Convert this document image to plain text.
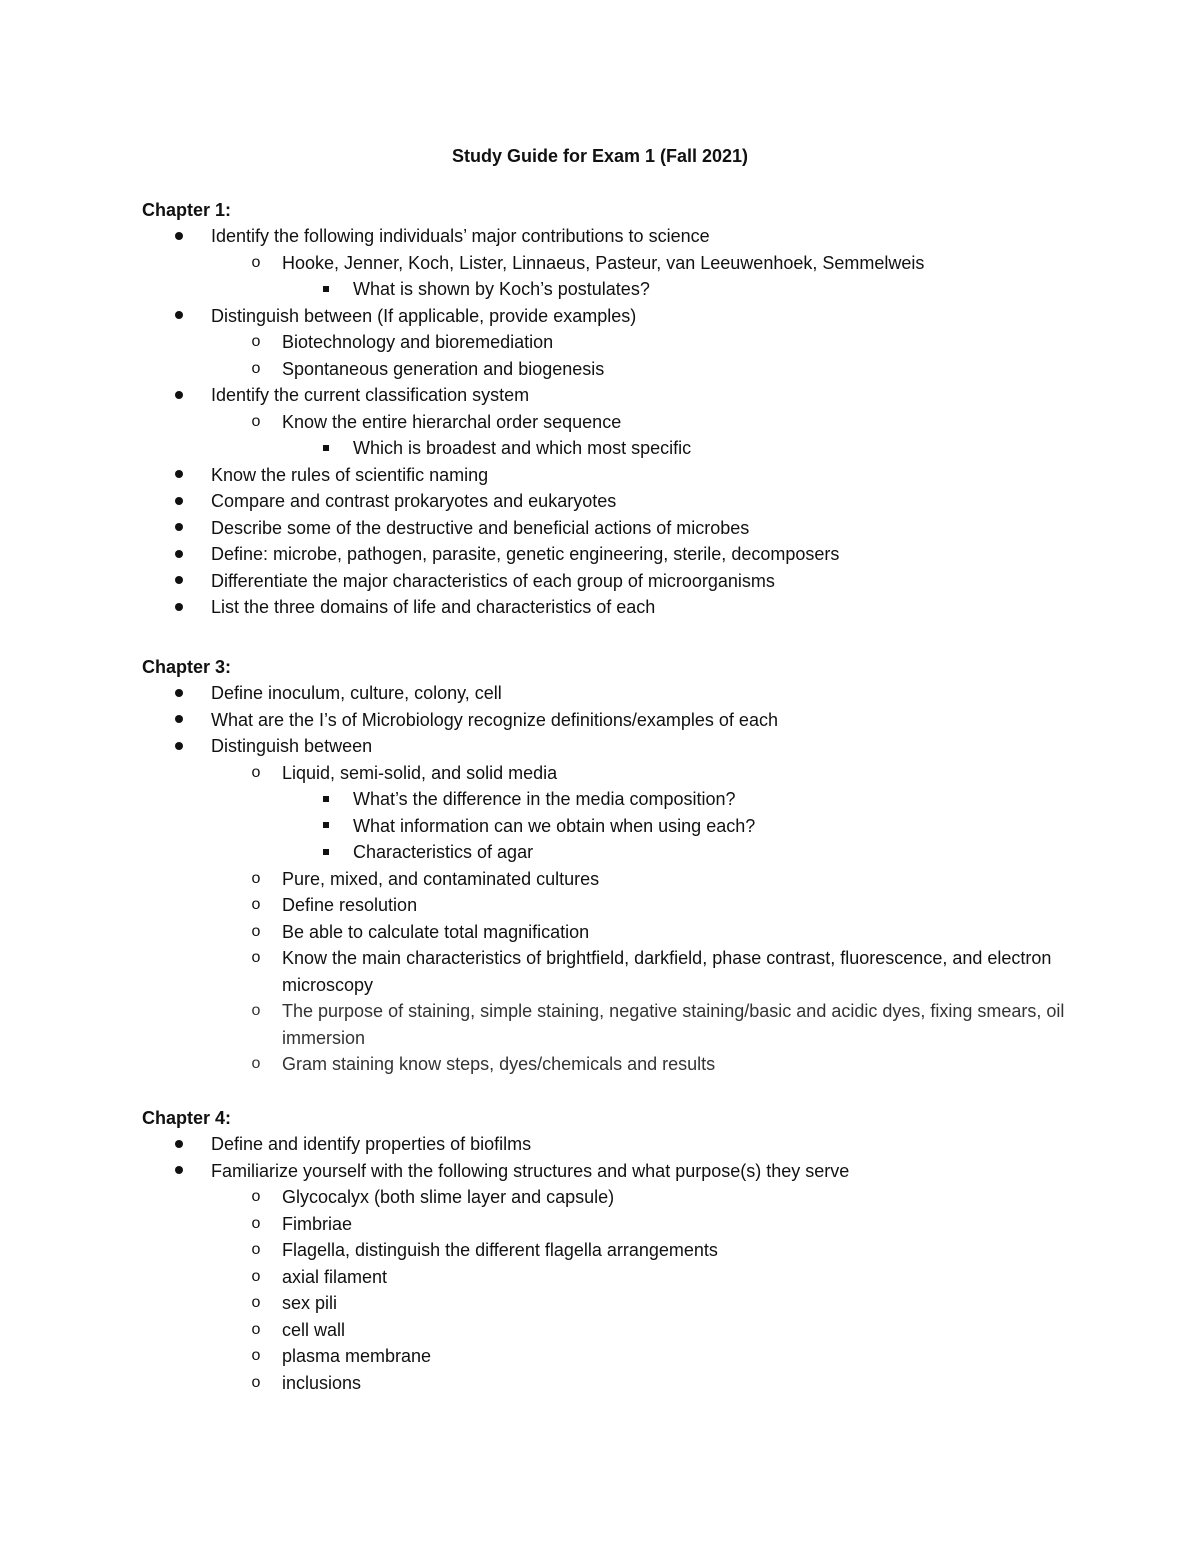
Study Guide for Exam 1 (Fall 2021)
Chapter 1:
Identify the following individuals’ major contributions to science
o	Hooke, Jenner, Koch, Lister, Linnaeus, Pasteur, van Leeuwenhoek, Semmelweis
What is shown by Koch’s postulates?
Distinguish between (If applicable, provide examples)
o	Biotechnology and bioremediation
o	Spontaneous generation and biogenesis
Identify the current classification system
o	Know the entire hierarchal order sequence
Which is broadest and which most specific
Know the rules of scientific naming
Compare and contrast prokaryotes and eukaryotes
Describe some of the destructive and beneficial actions of microbes
Define: microbe, pathogen, parasite, genetic engineering, sterile, decomposers
Differentiate the major characteristics of each group of microorganisms
List the three domains of life and characteristics of each
Chapter 3:
Define inoculum, culture, colony, cell
What are the I’s of Microbiology recognize definitions/examples of each
Distinguish between
o	Liquid, semi-solid, and solid media
What’s the difference in the media composition?
What information can we obtain when using each?
Characteristics of agar
o	Pure, mixed, and contaminated cultures
o	Define resolution
o	Be able to calculate total magnification
o	Know the main characteristics of brightfield, darkfield, phase contrast, fluorescence, and electron microscopy
o	The purpose of staining, simple staining, negative staining/basic and acidic dyes, fixing smears, oil immersion
o	Gram staining know steps, dyes/chemicals and results
Chapter 4:
Define and identify properties of biofilms
Familiarize yourself with the following structures and what purpose(s) they serve
o	Glycocalyx (both slime layer and capsule)
o	Fimbriae
o	Flagella, distinguish the different flagella arrangements
o	axial filament
o	sex pili
o	cell wall
o	plasma membrane
o	inclusions
